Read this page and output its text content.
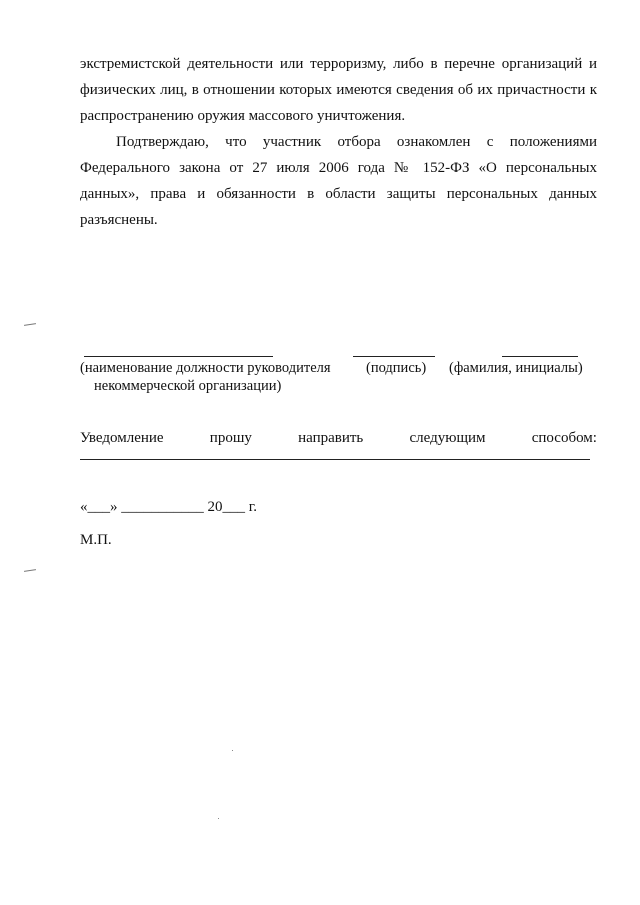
экстремистской деятельности или терроризму, либо в перечне организаций и физических лиц, в отношении которых имеются сведения об их причастности к распространению оружия массового уничтожения.
Подтверждаю, что участник отбора ознакомлен с положениями Федерального закона от 27 июля 2006 года № 152-ФЗ «О персональных данных», права и обязанности в области защиты персональных данных разъяснены.
(наименование должности руководителя
некоммерческой организации)
(подпись) (фамилия, инициалы)
Уведомление	прошу	направить	следующим	способом:
«___» ___________ 20___ г.
М.П.
